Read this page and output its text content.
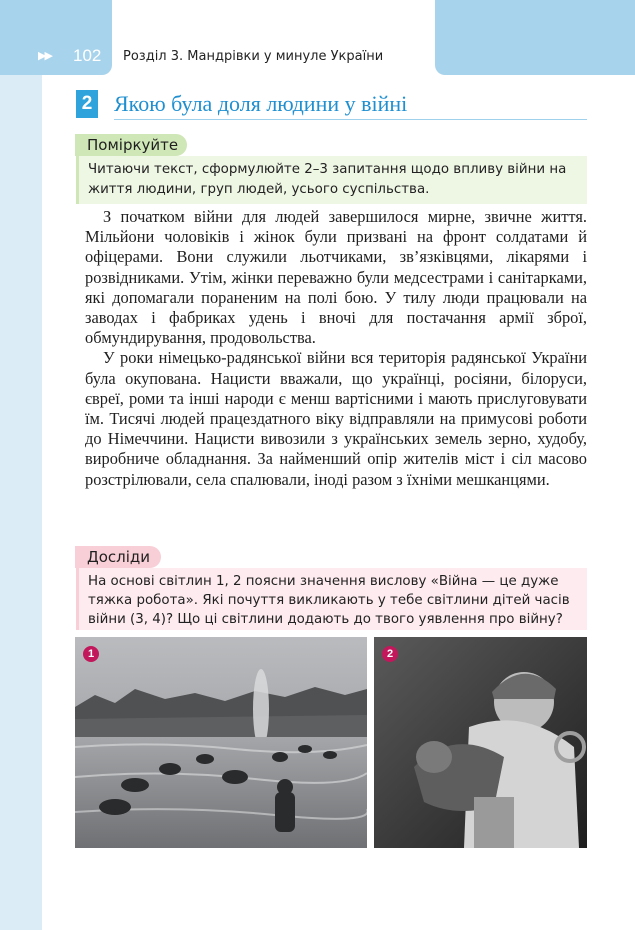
▶▶ 102 Розділ 3. Мандрівки у минуле України
2 Якою була доля людини у війні
Поміркуйте

Читаючи текст, сформулюйте 2–3 запитання щодо впливу війни на життя людини, груп людей, усього суспільства.

З початком війни для людей завершилося мирне, звичне життя. Мільйони чоловіків і жінок були призвані на фронт солдатами й офіцерами. Вони служили льотчиками, зв’язківцями, лікарями і розвідниками. Утім, жінки переважно були медсестрами і санітарками, які допомагали пораненим на полі бою. У тилу люди працювали на заводах і фабриках удень і вночі для постачання армії зброї, обмундирування, продовольства.

У роки німецько-радянської війни вся територія радянської України була окупована. Нацисти вважали, що українці, росіяни, білоруси, євреї, роми та інші народи є менш вартісними і мають прислуговувати їм. Тисячі людей працездатного віку відправляли на примусові роботи до Німеччини. Нацисти вивозили з українських земель зерно, худобу, виробниче обладнання. За найменший опір жителів міст і сіл масово розстрілювали, села спалювали, іноді разом з їхніми мешканцями.

Досліди

На основі світлин 1, 2 поясни значення вислову «Війна — це дуже тяжка робота». Які почуття викликають у тебе світлини дітей часів війни (3, 4)? Що ці світлини додають до твого уявлення про війну?

1	2
